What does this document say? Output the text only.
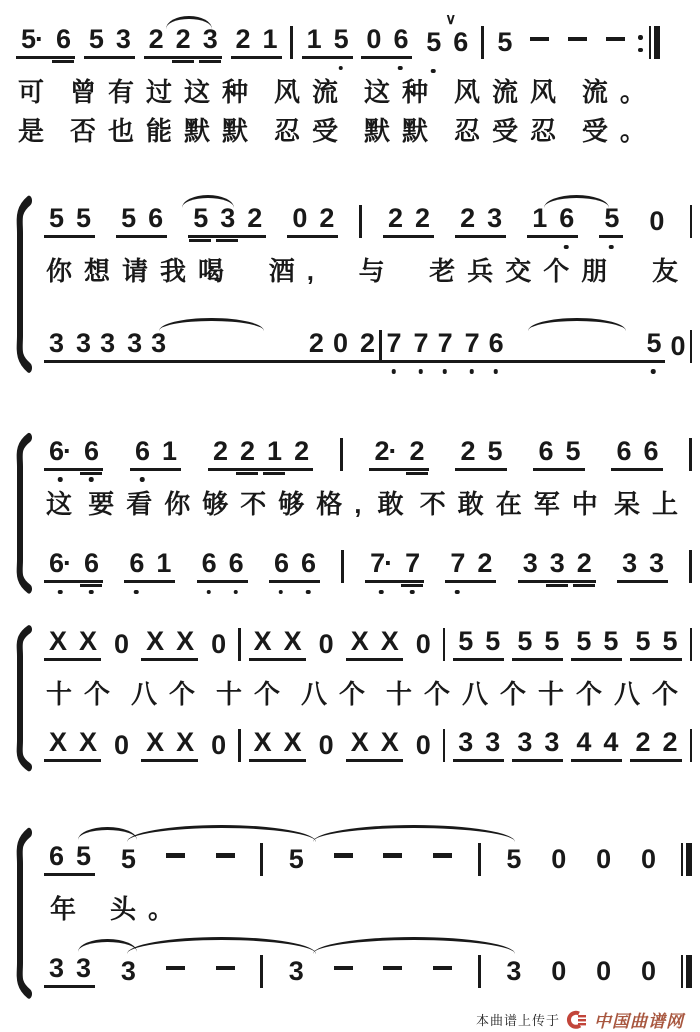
5· 6 5 3 2 2 3 2 1 1 5 0 6 5
∨
6 5
可 曾有过这种 风流 这种 风流风 流。
是 否也能默默 忍受 默默 忍受忍 受。
5 5 5 6 5 3 2 0 2 2 2 2 3 1 6 5 0
你想请我喝 酒, 与 老兵交个朋 友
3 3 3 3 3	2 0 2 7 7 7 7 6	5 0
6· 6 6 1 2 2 1 2 2· 2 2 5 6 5 6 6
这 要看你够不够格, 敢 不敢在军中 呆上
6· 6 6 1 6 6 6 6 7· 7 7 2 3 3 2 3 3
X X 0 X X 0 X X 0 X X 0 5 5 5 5 5 5 5 5
十个 八个 十个 八个 十个八个十个八个
X X 0 X X 0 X X 0 X X 0 3 3 3 3 4 4 2 2
6 5 5	5	5 0 0 0
年 头。
3 3 3	3	3 0 0 0
本曲谱上传于 中国曲谱网
